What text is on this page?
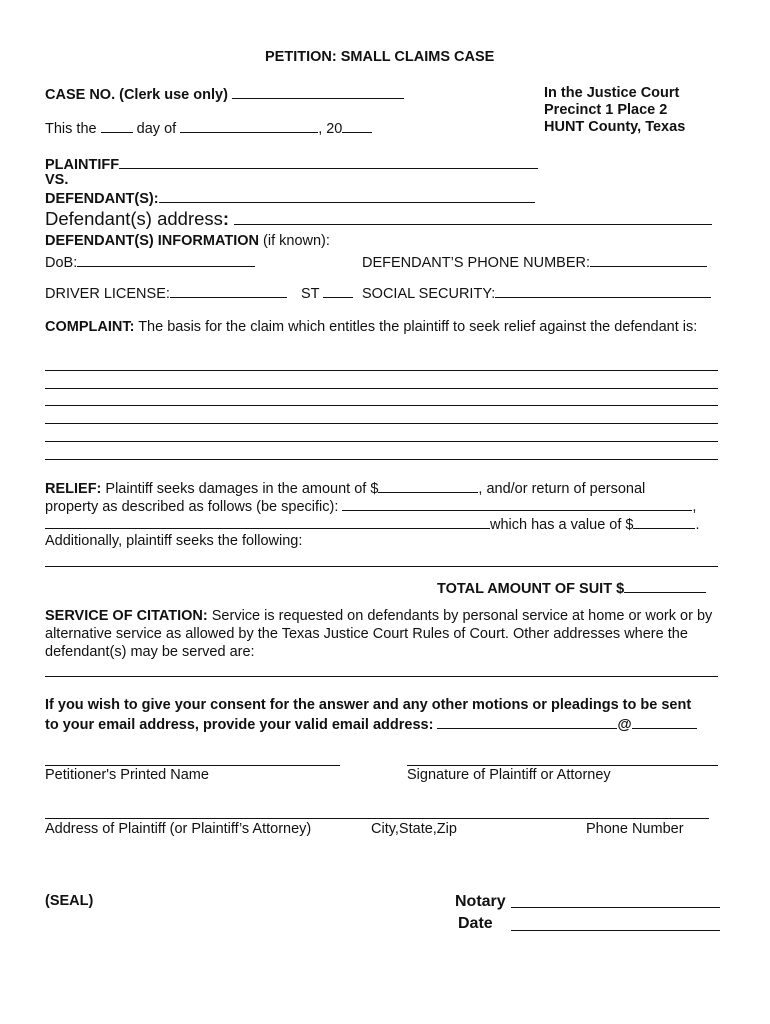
PETITION: SMALL CLAIMS CASE
CASE NO. (Clerk use only)	In the Justice Court
Precinct 1 Place 2
HUNT County, Texas
This the	day of	, 20
PLAINTIFF
VS.
DEFENDANT(S):
Defendant(s) address:
DEFENDANT(S) INFORMATION (if known):
DoB:	DEFENDANT’S PHONE NUMBER:
DRIVER LICENSE:	ST	SOCIAL SECURITY:
COMPLAINT: The basis for the claim which entitles the plaintiff to seek relief against the defendant is:
RELIEF: Plaintiff seeks damages in the amount of $	, and/or return of personal
property as described as follows (be specific):	,
which has a value of $	.
Additionally, plaintiff seeks the following:
TOTAL AMOUNT OF SUIT $
SERVICE OF CITATION: Service is requested on defendants by personal service at home or work or by alternative service as allowed by the Texas Justice Court Rules of Court. Other addresses where the defendant(s) may be served are:
If you wish to give your consent for the answer and any other motions or pleadings to be sent
to your email address, provide your valid email address:	@
Petitioner's Printed Name	Signature of Plaintiff or Attorney
Address of Plaintiff (or Plaintiff’s Attorney)	City,State,Zip	Phone Number
(SEAL)	Notary
Date
